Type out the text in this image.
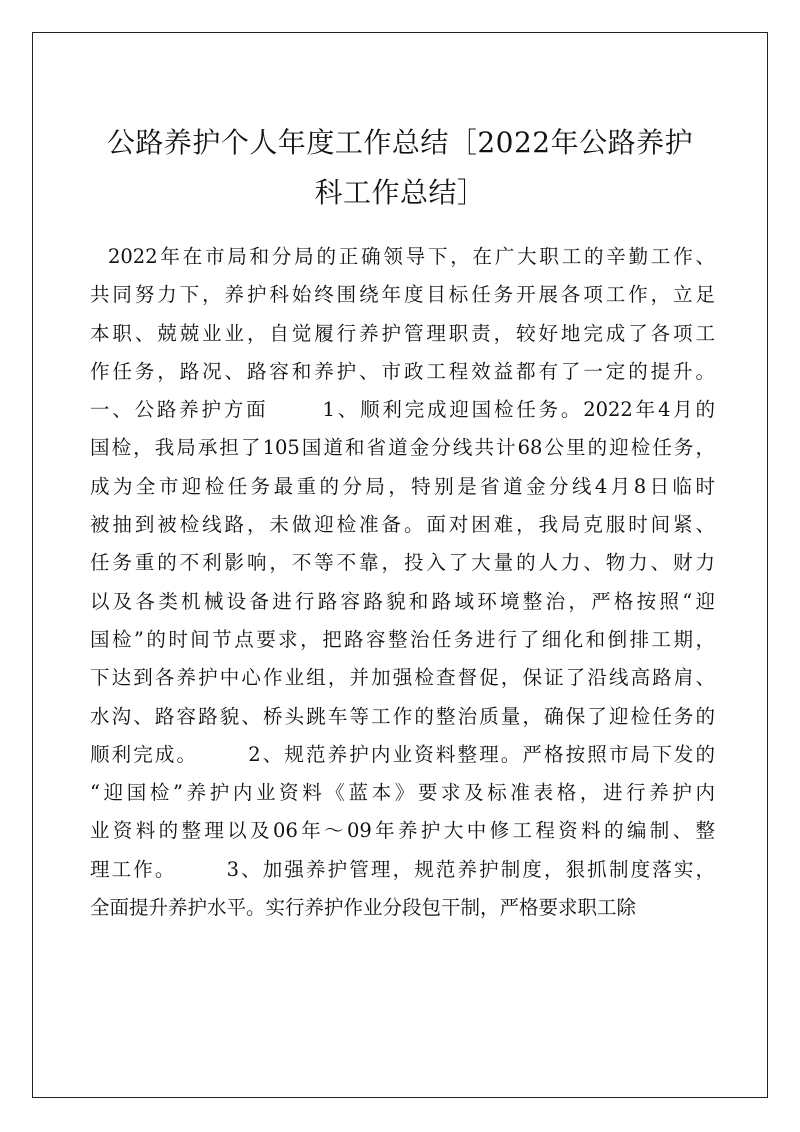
公路养护个人年度工作总结［2022年公路养护
科工作总结］
2022年在市局和分局的正确领导下，在广大职工的辛勤工作、
共同努力下，养护科始终围绕年度目标任务开展各项工作，立足
本职、兢兢业业，自觉履行养护管理职责，较好地完成了各项工
作任务，路况、路容和养护、市政工程效益都有了一定的提升。
一、公路养护方面      1、顺利完成迎国检任务。2022年4月的
国检，我局承担了105国道和省道金分线共计68公里的迎检任务，
成为全市迎检任务最重的分局，特别是省道金分线4月8日临时
被抽到被检线路，未做迎检准备。面对困难，我局克服时间紧、
任务重的不利影响，不等不靠，投入了大量的人力、物力、财力
以及各类机械设备进行路容路貌和路域环境整治，严格按照“迎
国检”的时间节点要求，把路容整治任务进行了细化和倒排工期，
下达到各养护中心作业组，并加强检查督促，保证了沿线高路肩、
水沟、路容路貌、桥头跳车等工作的整治质量，确保了迎检任务的
顺利完成。      2、规范养护内业资料整理。严格按照市局下发的
“迎国检”养护内业资料《蓝本》要求及标准表格，进行养护内
业资料的整理以及06年～09年养护大中修工程资料的编制、整
理工作。      3、加强养护管理，规范养护制度，狠抓制度落实，
全面提升养护水平。实行养护作业分段包干制，严格要求职工除
